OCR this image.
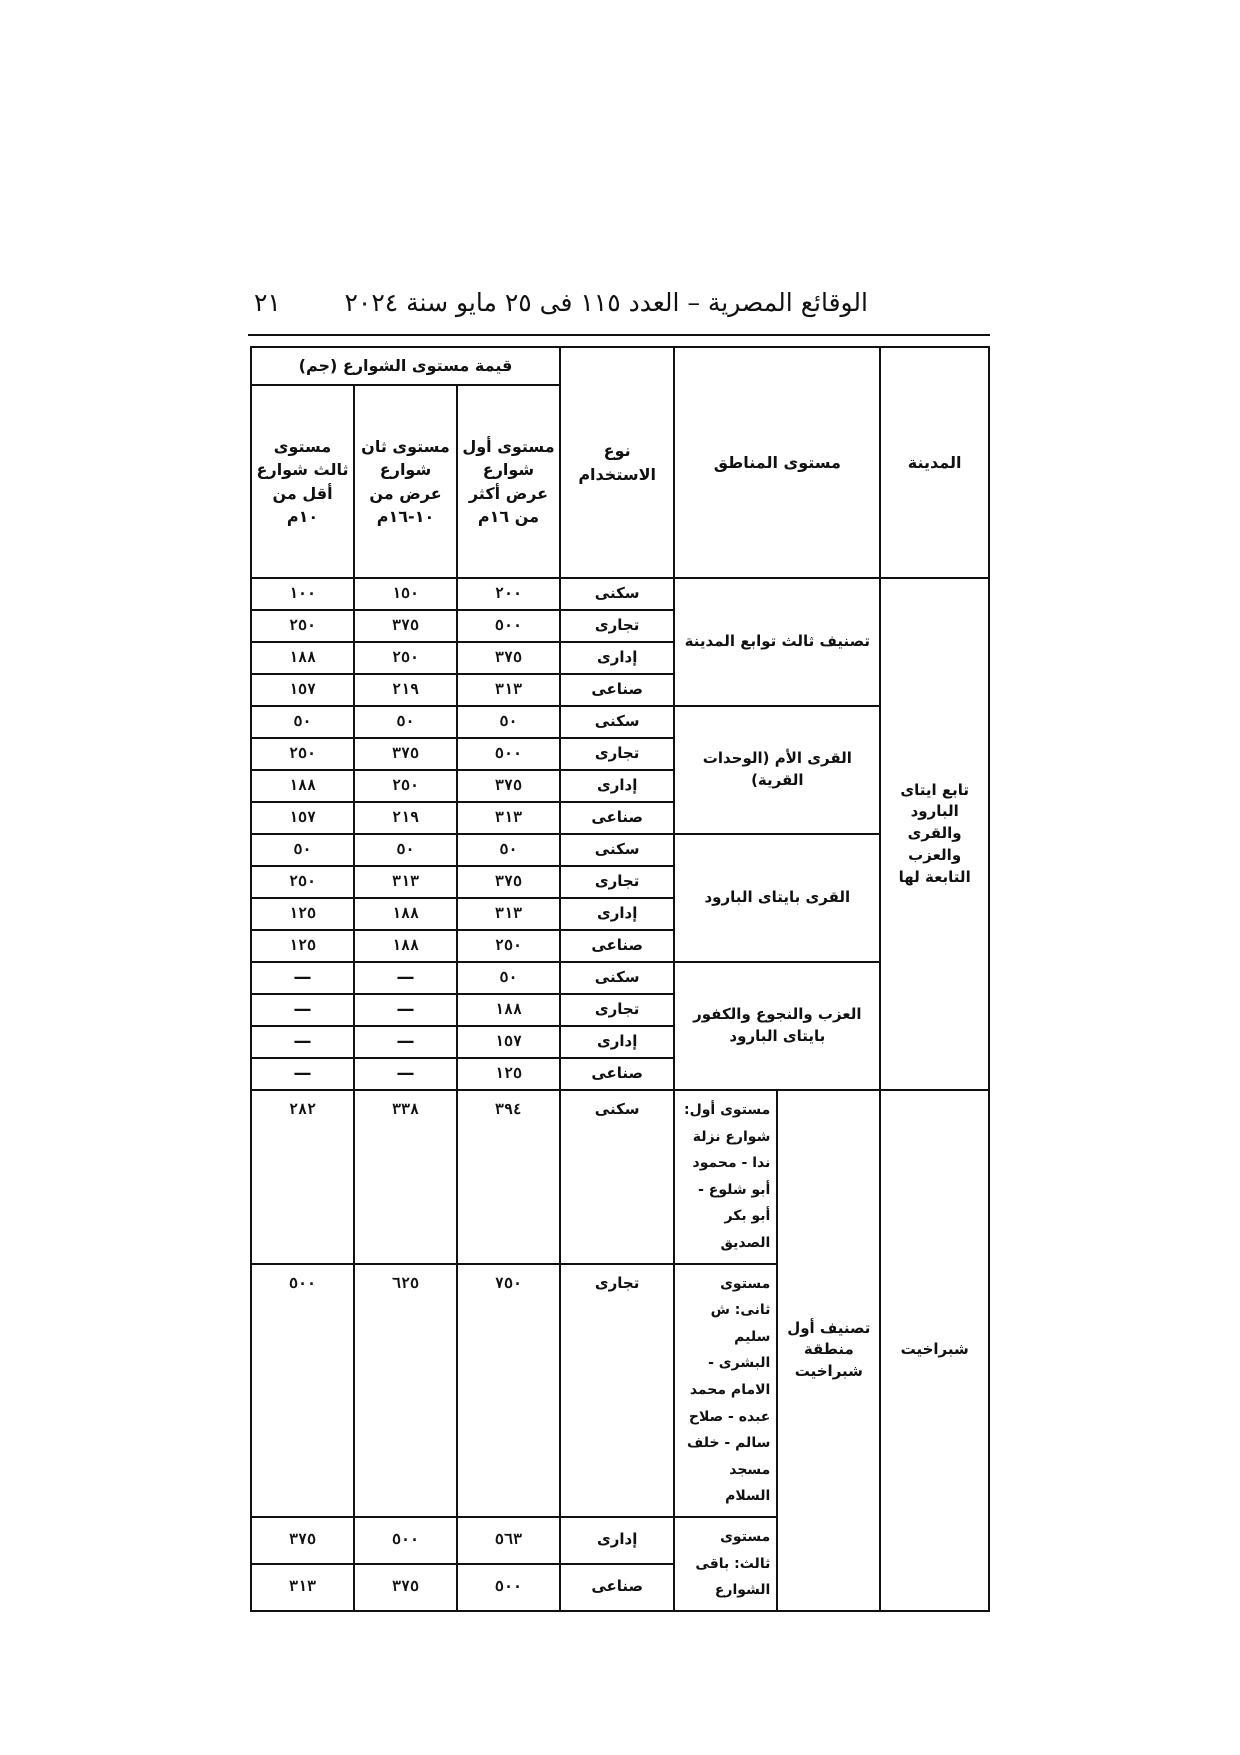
الوقائع المصرية – العدد ١١٥ فى ٢٥ مايو سنة ٢٠٢٤
٢١
المدينة	مستوى المناطق		نوع الاستخدام	قيمة مستوى الشوارع (جم)		
				مستوى أول شوارع عرض أكثر من ١٦م	مستوى ثان شوارع عرض من ١٠-١٦م	مستوى ثالث شوارع أقل من ١٠م
تابع ايتاى البارود والقرى والعزب التابعة لها	تصنيف ثالث توابع المدينة		سكنى	٢٠٠	١٥٠	١٠٠
			تجارى	٥٠٠	٣٧٥	٢٥٠
			إدارى	٣٧٥	٢٥٠	١٨٨
			صناعى	٣١٣	٢١٩	١٥٧
	القرى الأم (الوحدات القرية)		سكنى	٥٠	٥٠	٥٠
			تجارى	٥٠٠	٣٧٥	٢٥٠
			إدارى	٣٧٥	٢٥٠	١٨٨
			صناعى	٣١٣	٢١٩	١٥٧
	القرى بايتاى البارود		سكنى	٥٠	٥٠	٥٠
			تجارى	٣٧٥	٣١٣	٢٥٠
			إدارى	٣١٣	١٨٨	١٢٥
			صناعى	٢٥٠	١٨٨	١٢٥
	العزب والنجوع والكفور بايتاى البارود		سكنى	٥٠	—	—
			تجارى	١٨٨	—	—
			إدارى	١٥٧	—	—
			صناعى	١٢٥	—	—
شبراخيت	تصنيف أول منطقة شبراخيت	مستوى أول: شوارع نزلة ندا - محمود أبو شلوع - أبو بكر الصديق	سكنى	٣٩٤	٣٣٨	٢٨٢
		مستوى ثانى: ش سليم البشرى - الامام محمد عبده - صلاح سالم - خلف مسجد السلام	تجارى	٧٥٠	٦٢٥	٥٠٠
		مستوى ثالث: باقى الشوارع	إدارى	٥٦٣	٥٠٠	٣٧٥
			صناعى	٥٠٠	٣٧٥	٣١٣
